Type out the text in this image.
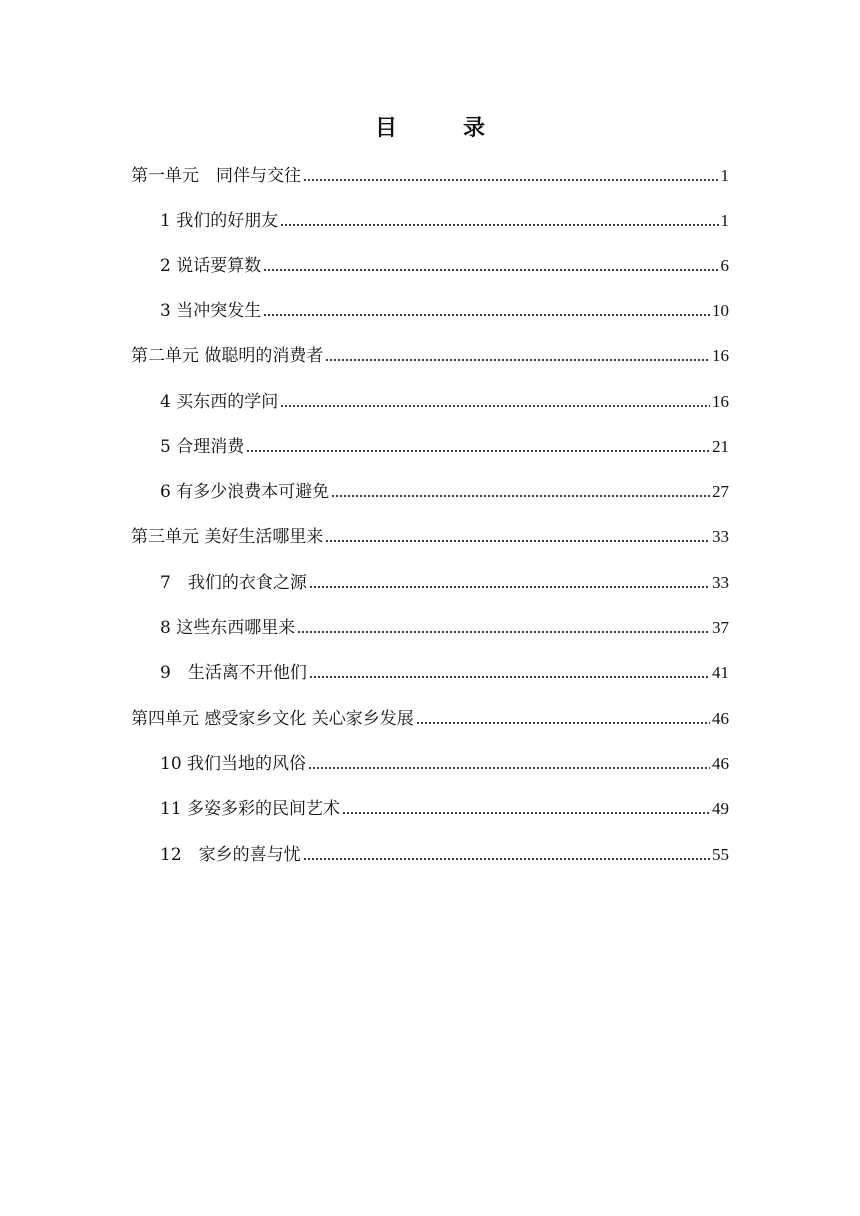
目　录
第一单元　同伴与交往	1
1 我们的好朋友	1
2 说话要算数	6
3 当冲突发生	10
第二单元 做聪明的消费者	16
4 买东西的学问	16
5 合理消费	21
6 有多少浪费本可避免	27
第三单元 美好生活哪里来	33
7　我们的衣食之源	33
8 这些东西哪里来	37
9　生活离不开他们	41
第四单元 感受家乡文化 关心家乡发展	46
10 我们当地的风俗	46
11 多姿多彩的民间艺术	49
12　家乡的喜与忧	55
